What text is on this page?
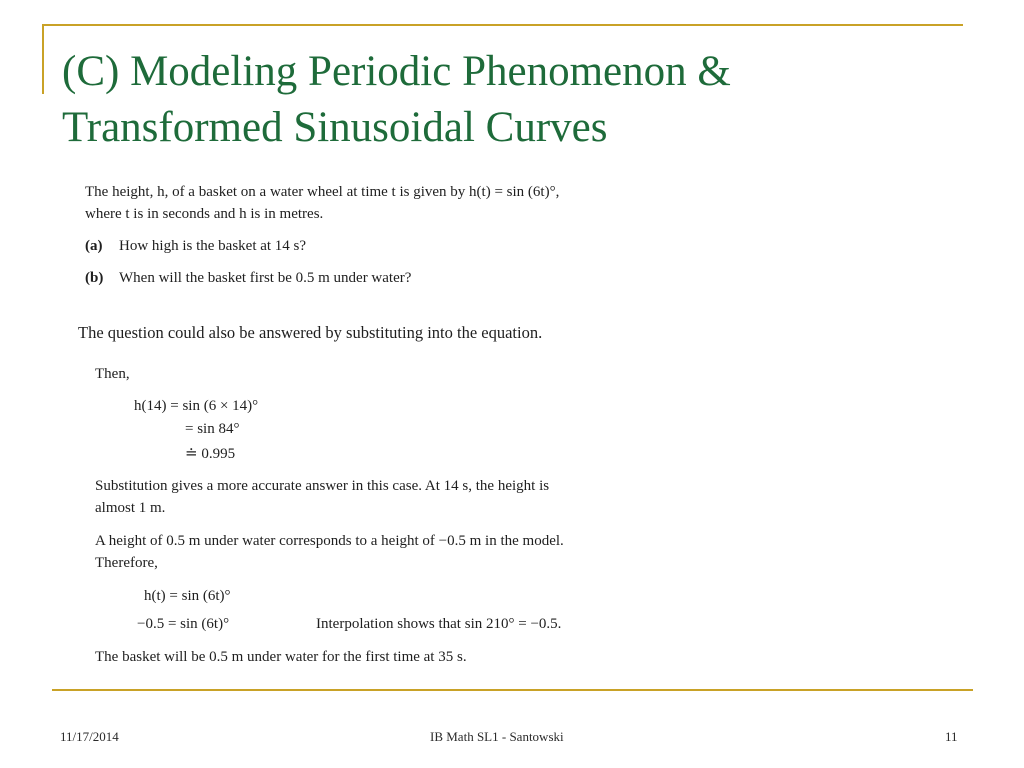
(C) Modeling Periodic Phenomenon &
Transformed Sinusoidal Curves
The height, h, of a basket on a water wheel at time t is given by h(t) = sin (6t)°,
where t is in seconds and h is in metres.
(a) How high is the basket at 14 s?
(b) When will the basket first be 0.5 m under water?
The question could also be answered by substituting into the equation.
Then,
h(14) = sin (6 × 14)°
= sin 84°
≐ 0.995
Substitution gives a more accurate answer in this case. At 14 s, the height is
almost 1 m.
A height of 0.5 m under water corresponds to a height of −0.5 m in the model.
Therefore,
h(t) = sin (6t)°
−0.5 = sin (6t)°	Interpolation shows that sin 210° = −0.5.
The basket will be 0.5 m under water for the first time at 35 s.
11/17/2014	IB Math SL1 - Santowski	11
